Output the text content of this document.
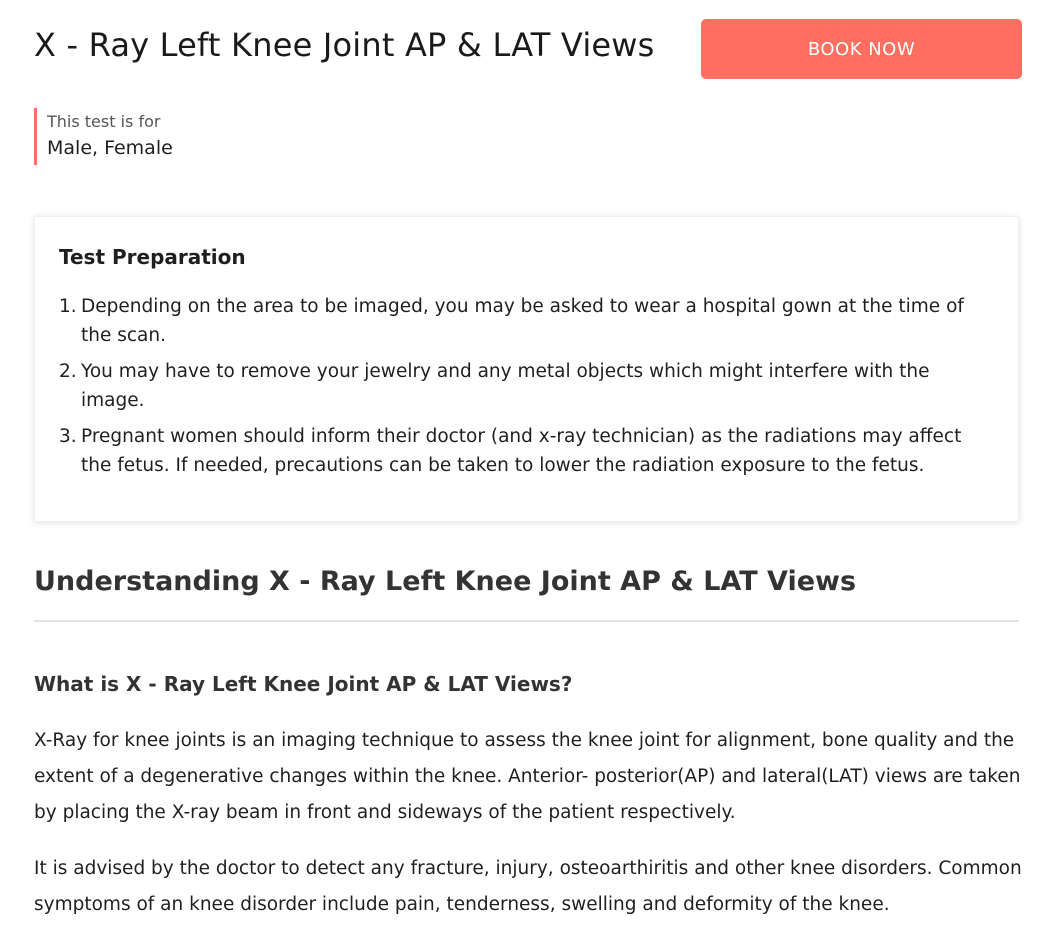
X - Ray Left Knee Joint AP & LAT Views	BOOK NOW
This test is for
Male, Female
Test Preparation
1. Depending on the area to be imaged, you may be asked to wear a hospital gown at the time of the scan.
2. You may have to remove your jewelry and any metal objects which might interfere with the image.
3. Pregnant women should inform their doctor (and x-ray technician) as the radiations may affect the fetus. If needed, precautions can be taken to lower the radiation exposure to the fetus.
Understanding X - Ray Left Knee Joint AP & LAT Views
What is X - Ray Left Knee Joint AP & LAT Views?

X-Ray for knee joints is an imaging technique to assess the knee joint for alignment, bone quality and the extent of a degenerative changes within the knee. Anterior- posterior(AP) and lateral(LAT) views are taken by placing the X-ray beam in front and sideways of the patient respectively.

It is advised by the doctor to detect any fracture, injury, osteoarthiritis and other knee disorders. Common symptoms of an knee disorder include pain, tenderness, swelling and deformity of the knee.
